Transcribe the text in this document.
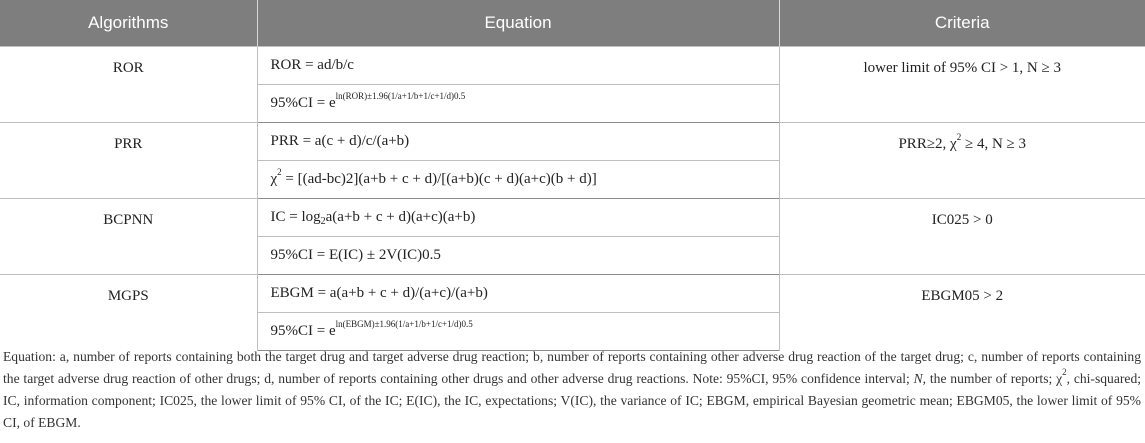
Algorithms	Equation	Criteria
ROR	ROR = ad/b/c	lower limit of 95% CI > 1, N ≥ 3
	$95\%CI = e^{ln(ROR)\pm 1.96(1/a+1/b+1/c+1/d)0.5}$
PRR	PRR = a(c + d)/c/(a+b)	PRR≥2, $\chi^2 \ge 4$, N ≥ 3
	$\chi^2 = [(ad-bc)2](a+b + c + d)/[(a+b)(c + d)(a+c)(b + d)]$	
BCPNN	IC = $\log_2a(a+b + c + d)(a+c)(a+b)$	IC025 > 0
	95%CI = E(IC) ± 2V(IC)0.5	
MGPS	EBGM = a(a+b + c + d)/(a+c)/(a+b)	EBGM05 > 2
	$95\%CI = e^{ln(EBGM)\pm 1.96(1/a+1/b+1/c+1/d)0.5}$
Equation: a, number of reports containing both the target drug and target adverse drug reaction; b, number of reports containing other adverse drug reaction of the target drug; c, number of reports containing the target adverse drug reaction of other drugs; d, number of reports containing other drugs and other adverse drug reactions. Note: 95%CI, 95% confidence interval; N, the number of reports; $\chi^2$, chi-squared; IC, information component; IC025, the lower limit of 95% CI, of the IC; E(IC), the IC, expectations; V(IC), the variance of IC; EBGM, empirical Bayesian geometric mean; EBGM05, the lower limit of 95% CI, of EBGM.
